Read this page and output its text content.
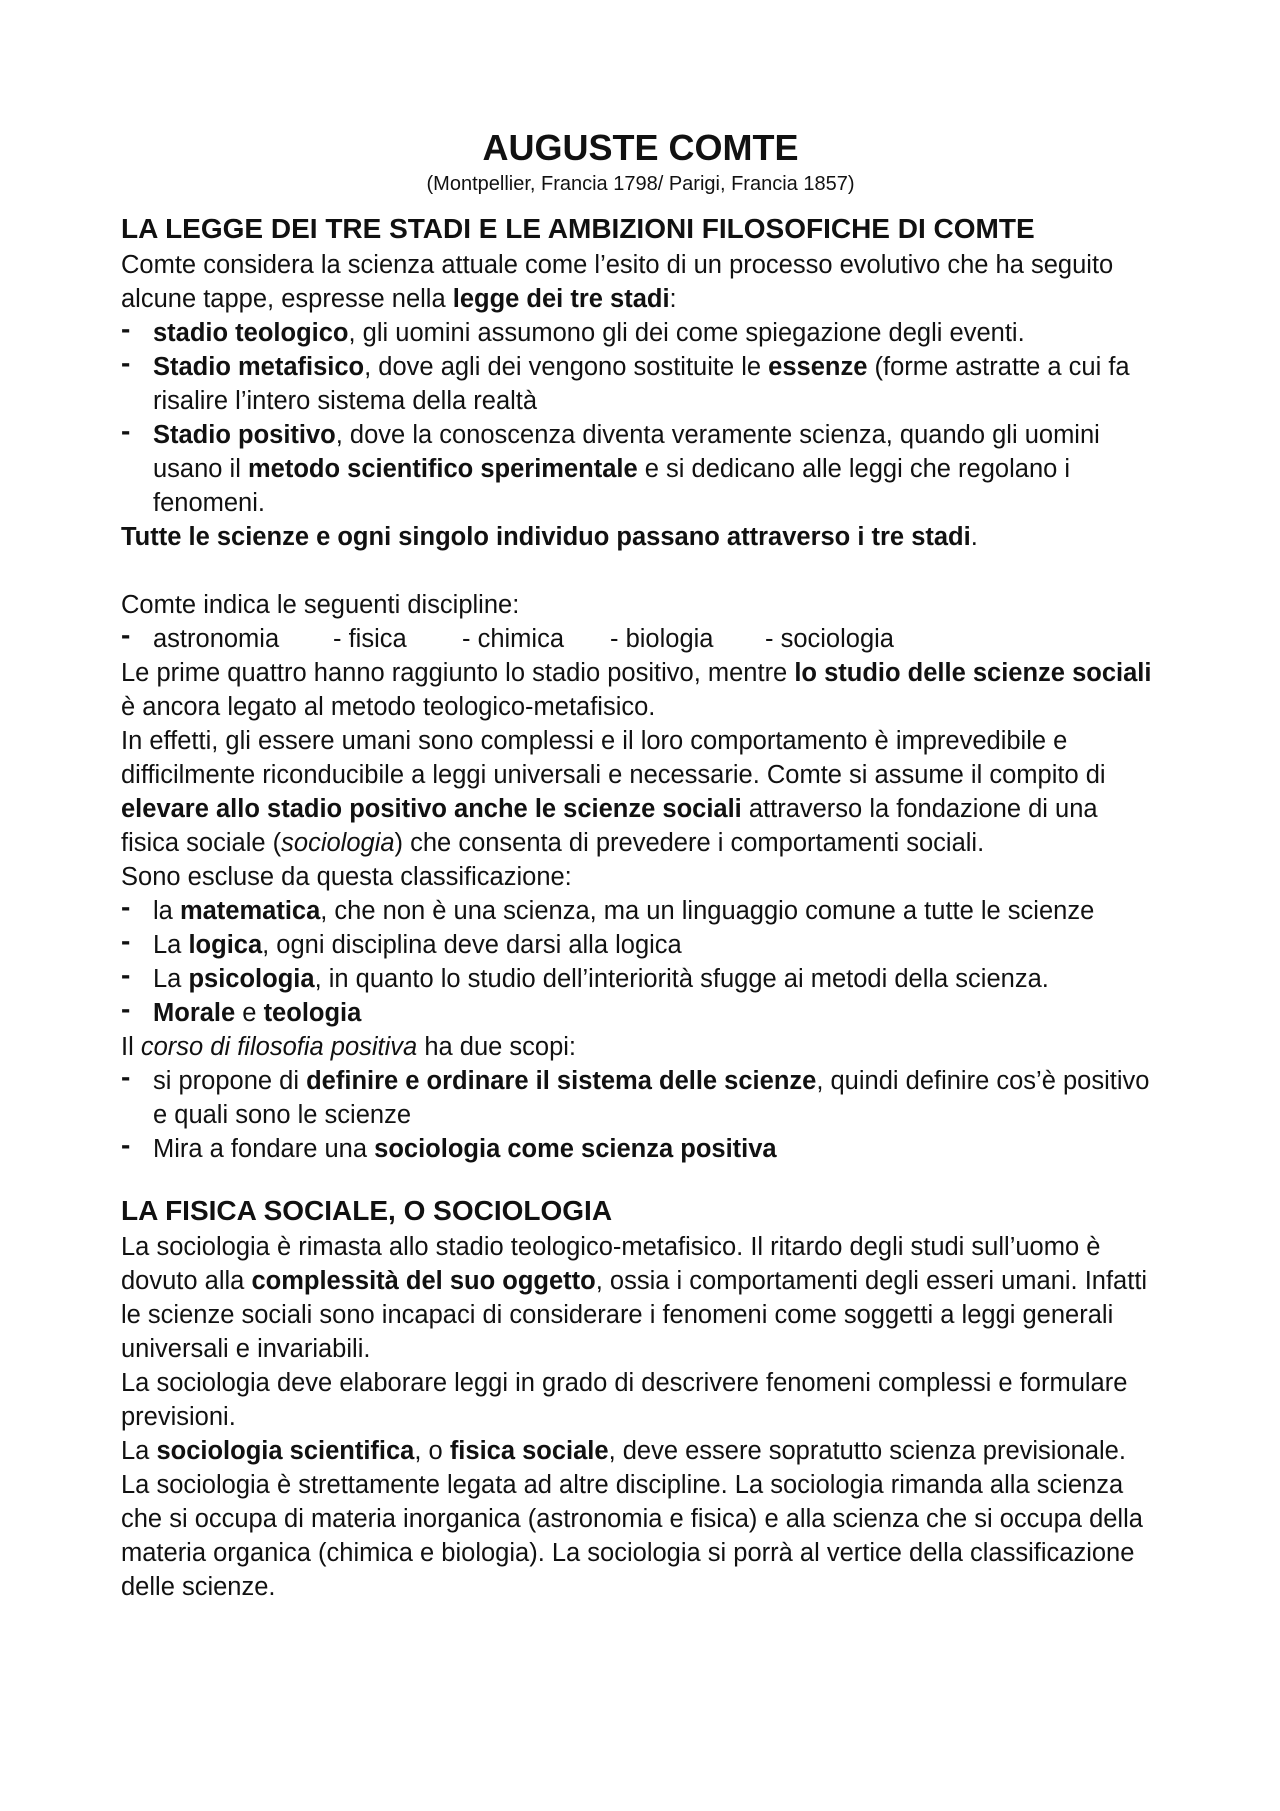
AUGUSTE COMTE
(Montpellier, Francia 1798/ Parigi, Francia 1857)
LA LEGGE DEI TRE STADI E LE AMBIZIONI FILOSOFICHE DI COMTE

Comte considera la scienza attuale come l’esito di un processo evolutivo che ha seguito alcune tappe, espresse nella legge dei tre stadi:

- stadio teologico, gli uomini assumono gli dei come spiegazione degli eventi.
- Stadio metafisico, dove agli dei vengono sostituite le essenze (forme astratte a cui fa risalire l’intero sistema della realtà
- Stadio positivo, dove la conoscenza diventa veramente scienza, quando gli uomini usano il metodo scientifico sperimentale e si dedicano alle leggi che regolano i fenomeni.

Tutte le scienze e ogni singolo individuo passano attraverso i tre stadi.

Comte indica le seguenti discipline:

- astronomia	- fisica	- chimica	- biologia	- sociologia

Le prime quattro hanno raggiunto lo stadio positivo, mentre lo studio delle scienze sociali è ancora legato al metodo teologico-metafisico.

In effetti, gli essere umani sono complessi e il loro comportamento è imprevedibile e difficilmente riconducibile a leggi universali e necessarie. Comte si assume il compito di elevare allo stadio positivo anche le scienze sociali attraverso la fondazione di una fisica sociale (sociologia) che consenta di prevedere i comportamenti sociali.

Sono escluse da questa classificazione:

- la matematica, che non è una scienza, ma un linguaggio comune a tutte le scienze
- La logica, ogni disciplina deve darsi alla logica
- La psicologia, in quanto lo studio dell’interiorità sfugge ai metodi della scienza.
- Morale e teologia

Il corso di filosofia positiva ha due scopi:

- si propone di definire e ordinare il sistema delle scienze, quindi definire cos’è positivo e quali sono le scienze
- Mira a fondare una sociologia come scienza positiva
LA FISICA SOCIALE, O SOCIOLOGIA

La sociologia è rimasta allo stadio teologico-metafisico. Il ritardo degli studi sull’uomo è dovuto alla complessità del suo oggetto, ossia i comportamenti degli esseri umani. Infatti le scienze sociali sono incapaci di considerare i fenomeni come soggetti a leggi generali universali e invariabili.

La sociologia deve elaborare leggi in grado di descrivere fenomeni complessi e formulare previsioni.

La sociologia scientifica, o fisica sociale, deve essere sopratutto scienza previsionale.

La sociologia è strettamente legata ad altre discipline. La sociologia rimanda alla scienza che si occupa di materia inorganica (astronomia e fisica) e alla scienza che si occupa della materia organica (chimica e biologia). La sociologia si porrà al vertice della classificazione delle scienze.
